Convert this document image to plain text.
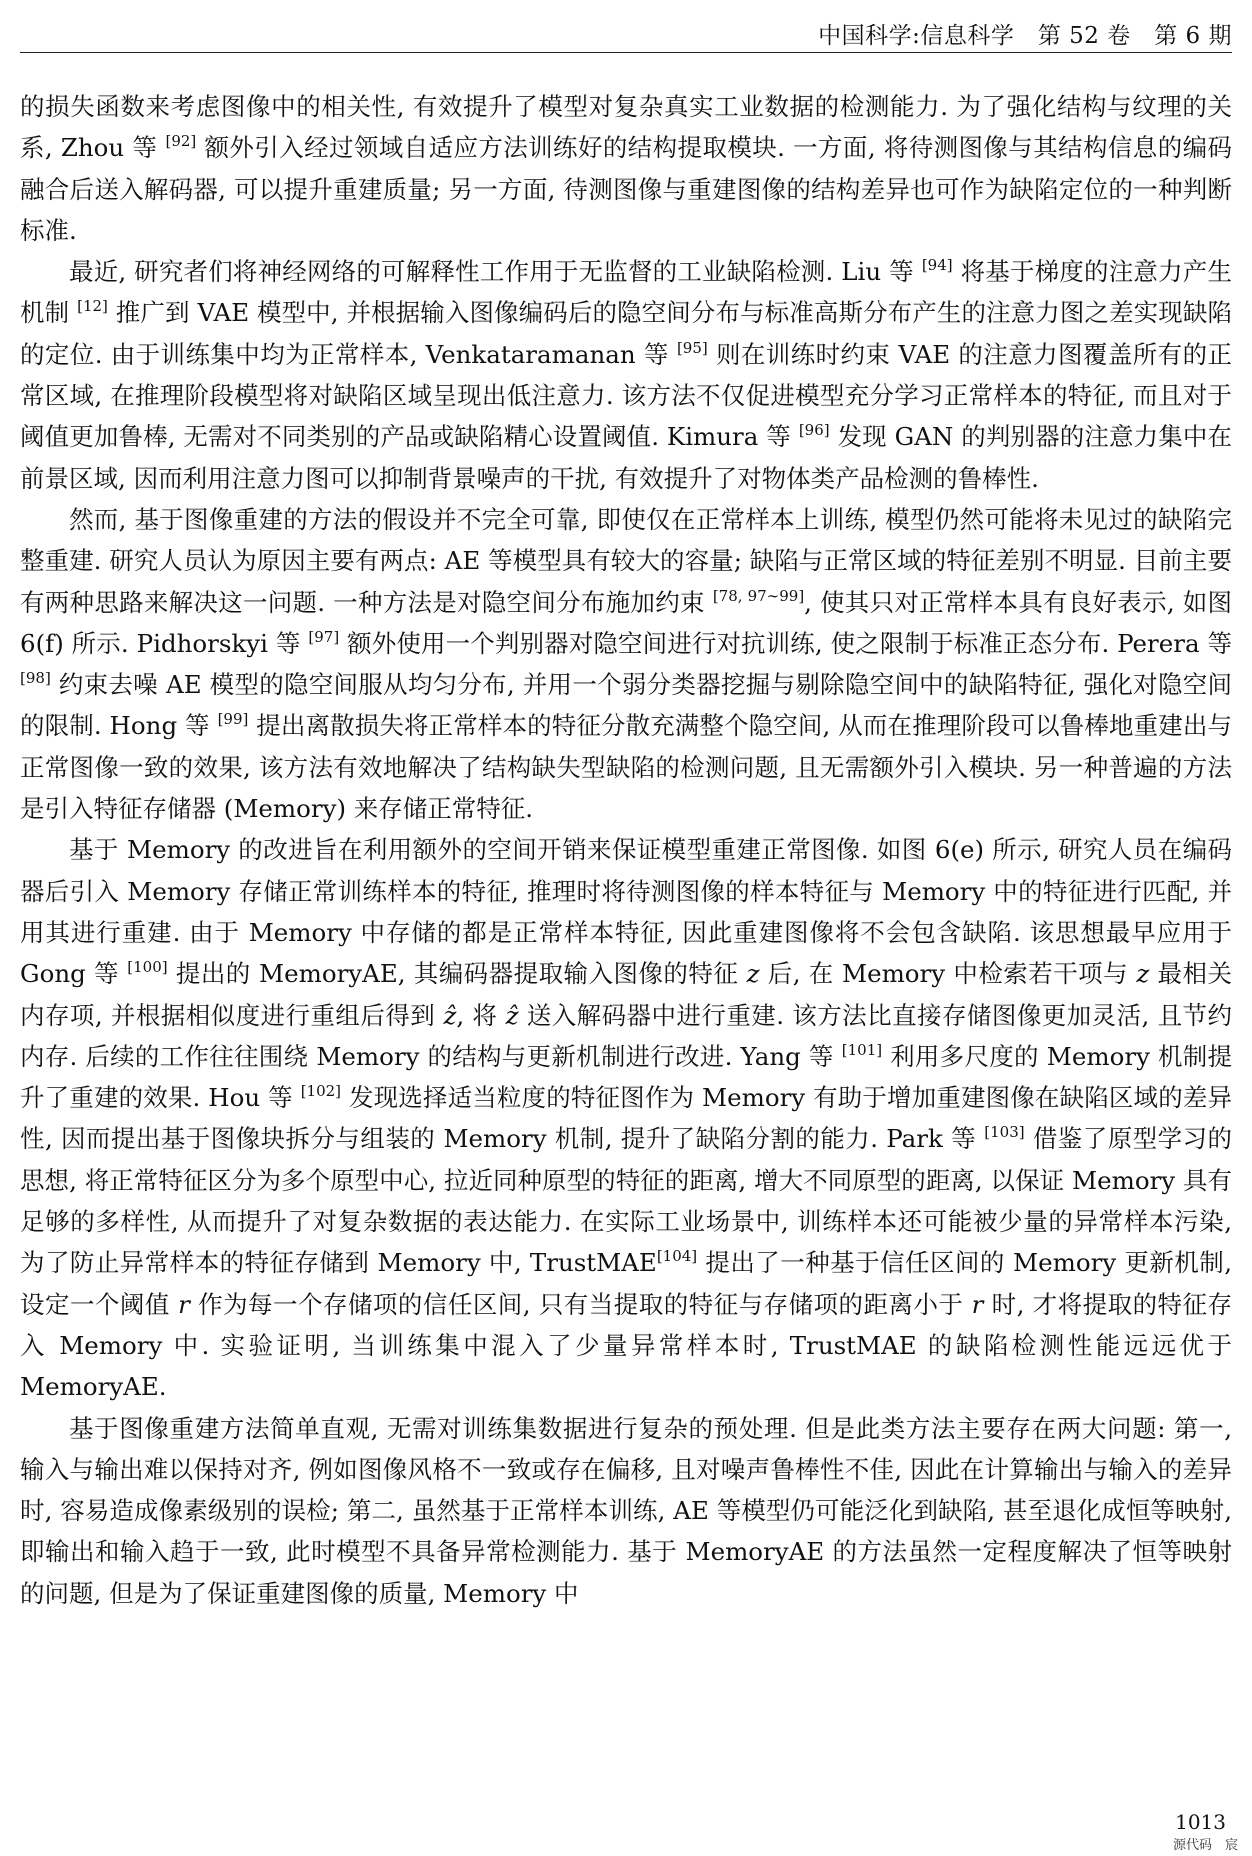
中国科学:信息科学　第 52 卷　第 6 期

的损失函数来考虑图像中的相关性, 有效提升了模型对复杂真实工业数据的检测能力. 为了强化结构与纹理的关系, Zhou 等 [92] 额外引入经过领域自适应方法训练好的结构提取模块. 一方面, 将待测图像与其结构信息的编码融合后送入解码器, 可以提升重建质量; 另一方面, 待测图像与重建图像的结构差异也可作为缺陷定位的一种判断标准.

最近, 研究者们将神经网络的可解释性工作用于无监督的工业缺陷检测. Liu 等 [94] 将基于梯度的注意力产生机制 [12] 推广到 VAE 模型中, 并根据输入图像编码后的隐空间分布与标准高斯分布产生的注意力图之差实现缺陷的定位. 由于训练集中均为正常样本, Venkataramanan 等 [95] 则在训练时约束 VAE 的注意力图覆盖所有的正常区域, 在推理阶段模型将对缺陷区域呈现出低注意力. 该方法不仅促进模型充分学习正常样本的特征, 而且对于阈值更加鲁棒, 无需对不同类别的产品或缺陷精心设置阈值. Kimura 等 [96] 发现 GAN 的判别器的注意力集中在前景区域, 因而利用注意力图可以抑制背景噪声的干扰, 有效提升了对物体类产品检测的鲁棒性.

然而, 基于图像重建的方法的假设并不完全可靠, 即使仅在正常样本上训练, 模型仍然可能将未见过的缺陷完整重建. 研究人员认为原因主要有两点: AE 等模型具有较大的容量; 缺陷与正常区域的特征差别不明显. 目前主要有两种思路来解决这一问题. 一种方法是对隐空间分布施加约束 [78, 97∼99], 使其只对正常样本具有良好表示, 如图 6(f) 所示. Pidhorskyi 等 [97] 额外使用一个判别器对隐空间进行对抗训练, 使之限制于标准正态分布. Perera 等 [98] 约束去噪 AE 模型的隐空间服从均匀分布, 并用一个弱分类器挖掘与剔除隐空间中的缺陷特征, 强化对隐空间的限制. Hong 等 [99] 提出离散损失将正常样本的特征分散充满整个隐空间, 从而在推理阶段可以鲁棒地重建出与正常图像一致的效果, 该方法有效地解决了结构缺失型缺陷的检测问题, 且无需额外引入模块. 另一种普遍的方法是引入特征存储器 (Memory) 来存储正常特征.

基于 Memory 的改进旨在利用额外的空间开销来保证模型重建正常图像. 如图 6(e) 所示, 研究人员在编码器后引入 Memory 存储正常训练样本的特征, 推理时将待测图像的样本特征与 Memory 中的特征进行匹配, 并用其进行重建. 由于 Memory 中存储的都是正常样本特征, 因此重建图像将不会包含缺陷. 该思想最早应用于 Gong 等 [100] 提出的 MemoryAE, 其编码器提取输入图像的特征 z 后, 在 Memory 中检索若干项与 z 最相关内存项, 并根据相似度进行重组后得到 ẑ, 将 ẑ 送入解码器中进行重建. 该方法比直接存储图像更加灵活, 且节约内存. 后续的工作往往围绕 Memory 的结构与更新机制进行改进. Yang 等 [101] 利用多尺度的 Memory 机制提升了重建的效果. Hou 等 [102] 发现选择适当粒度的特征图作为 Memory 有助于增加重建图像在缺陷区域的差异性, 因而提出基于图像块拆分与组装的 Memory 机制, 提升了缺陷分割的能力. Park 等 [103] 借鉴了原型学习的思想, 将正常特征区分为多个原型中心, 拉近同种原型的特征的距离, 增大不同原型的距离, 以保证 Memory 具有足够的多样性, 从而提升了对复杂数据的表达能力. 在实际工业场景中, 训练样本还可能被少量的异常样本污染, 为了防止异常样本的特征存储到 Memory 中, TrustMAE[104] 提出了一种基于信任区间的 Memory 更新机制, 设定一个阈值 r 作为每一个存储项的信任区间, 只有当提取的特征与存储项的距离小于 r 时, 才将提取的特征存入 Memory 中. 实验证明, 当训练集中混入了少量异常样本时, TrustMAE 的缺陷检测性能远远优于 MemoryAE.

基于图像重建方法简单直观, 无需对训练集数据进行复杂的预处理. 但是此类方法主要存在两大问题: 第一, 输入与输出难以保持对齐, 例如图像风格不一致或存在偏移, 且对噪声鲁棒性不佳, 因此在计算输出与输入的差异时, 容易造成像素级别的误检; 第二, 虽然基于正常样本训练, AE 等模型仍可能泛化到缺陷, 甚至退化成恒等映射, 即输出和输入趋于一致, 此时模型不具备异常检测能力. 基于 MemoryAE 的方法虽然一定程度解决了恒等映射的问题, 但是为了保证重建图像的质量, Memory 中

1013
源代码　宸
